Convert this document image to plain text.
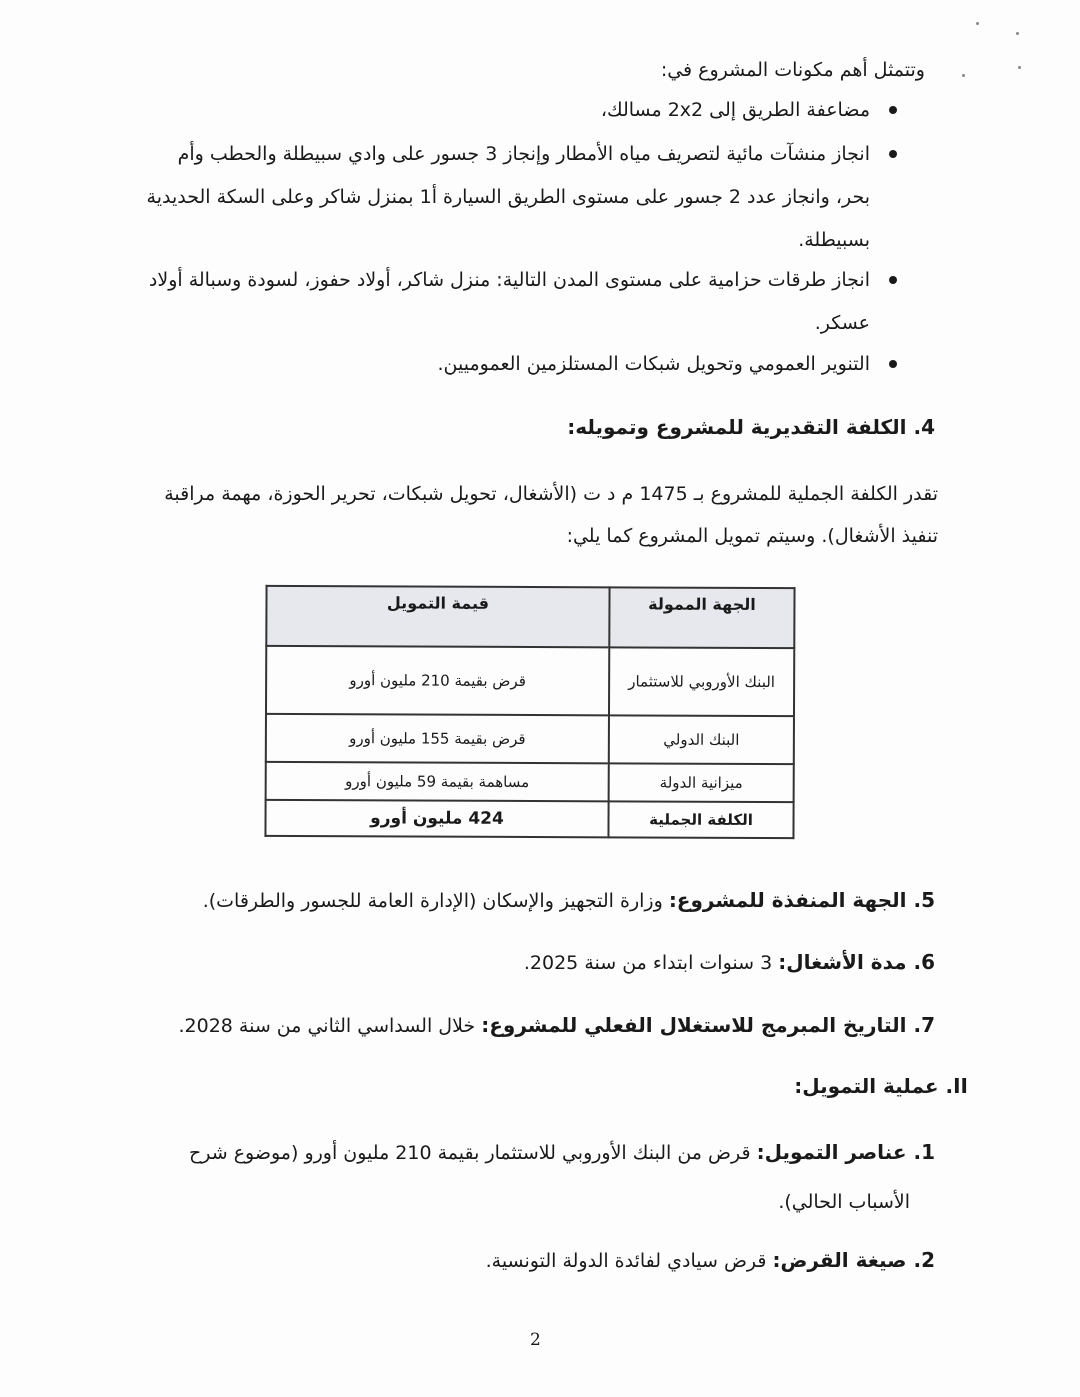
وتتمثل أهم مكونات المشروع في:
مضاعفة الطريق إلى 2x2 مسالك،
انجاز منشآت مائية لتصريف مياه الأمطار وإنجاز 3 جسور على وادي سبيطلة والحطب وأم
بحر، وانجاز عدد 2 جسور على مستوى الطريق السيارة أ1 بمنزل شاكر وعلى السكة الحديدية
بسبيطلة.
انجاز طرقات حزامية على مستوى المدن التالية: منزل شاكر، أولاد حفوز، لسودة وسبالة أولاد
عسكر.
التنوير العمومي وتحويل شبكات المستلزمين العموميين.
4. الكلفة التقديرية للمشروع وتمويله:
تقدر الكلفة الجملية للمشروع بـ 1475 م د ت (الأشغال، تحويل شبكات، تحرير الحوزة، مهمة مراقبة
تنفيذ الأشغال). وسيتم تمويل المشروع كما يلي:
الجهة الممولة	قيمة التمويل
البنك الأوروبي للاستثمار	قرض بقيمة 210 مليون أورو
البنك الدولي	قرض بقيمة 155 مليون أورو
ميزانية الدولة	مساهمة بقيمة 59 مليون أورو
الكلفة الجملية	424 مليون أورو
5. الجهة المنفذة للمشروع: وزارة التجهيز والإسكان (الإدارة العامة للجسور والطرقات).
6. مدة الأشغال: 3 سنوات ابتداء من سنة 2025.
7. التاريخ المبرمج للاستغلال الفعلي للمشروع: خلال السداسي الثاني من سنة 2028.
II. عملية التمويل:
1. عناصر التمويل: قرض من البنك الأوروبي للاستثمار بقيمة 210 مليون أورو (موضوع شرح
الأسباب الحالي).
2. صيغة القرض: قرض سيادي لفائدة الدولة التونسية.
2
